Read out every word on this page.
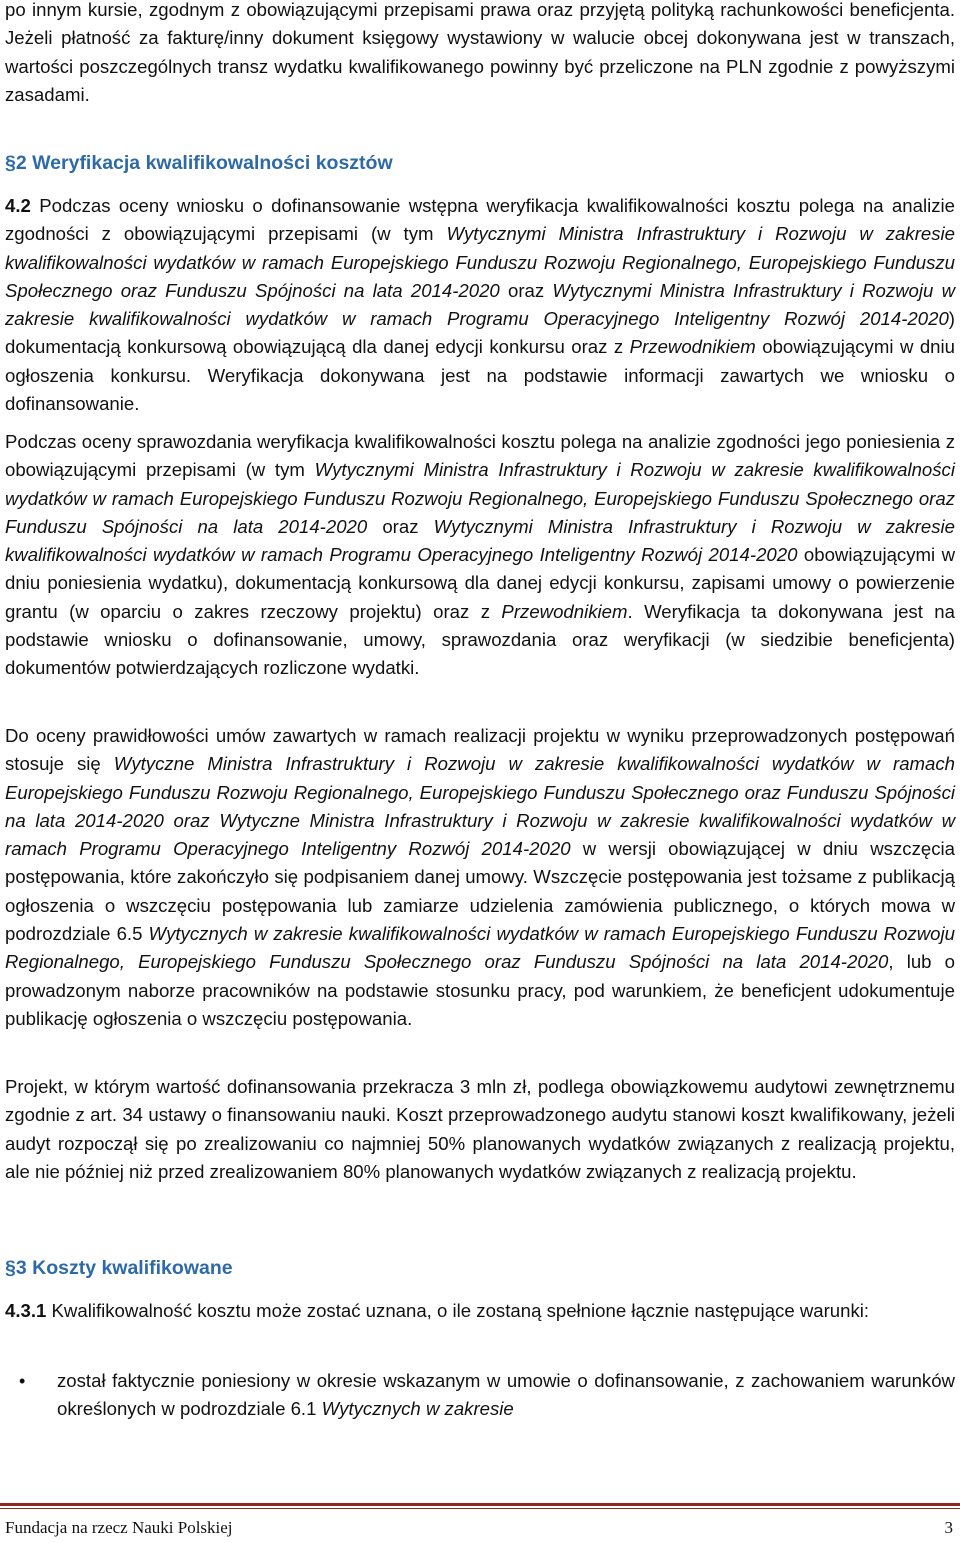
po innym kursie, zgodnym z obowiązującymi przepisami prawa oraz przyjętą polityką rachunkowości beneficjenta. Jeżeli płatność za fakturę/inny dokument księgowy wystawiony w walucie obcej dokonywana jest w transzach, wartości poszczególnych transz wydatku kwalifikowanego powinny być przeliczone na PLN zgodnie z powyższymi zasadami.

§2 Weryfikacja kwalifikowalności kosztów

4.2 Podczas oceny wniosku o dofinansowanie wstępna weryfikacja kwalifikowalności kosztu polega na analizie zgodności z obowiązującymi przepisami (w tym Wytycznymi Ministra Infrastruktury i Rozwoju w zakresie kwalifikowalności wydatków w ramach Europejskiego Funduszu Rozwoju Regionalnego, Europejskiego Funduszu Społecznego oraz Funduszu Spójności na lata 2014-2020 oraz Wytycznymi Ministra Infrastruktury i Rozwoju w zakresie kwalifikowalności wydatków w ramach Programu Operacyjnego Inteligentny Rozwój 2014-2020) dokumentacją konkursową obowiązującą dla danej edycji konkursu oraz z Przewodnikiem obowiązującymi w dniu ogłoszenia konkursu. Weryfikacja dokonywana jest na podstawie informacji zawartych we wniosku o dofinansowanie.

Podczas oceny sprawozdania weryfikacja kwalifikowalności kosztu polega na analizie zgodności jego poniesienia z obowiązującymi przepisami (w tym Wytycznymi Ministra Infrastruktury i Rozwoju w zakresie kwalifikowalności wydatków w ramach Europejskiego Funduszu Rozwoju Regionalnego, Europejskiego Funduszu Społecznego oraz Funduszu Spójności na lata 2014-2020 oraz Wytycznymi Ministra Infrastruktury i Rozwoju w zakresie kwalifikowalności wydatków w ramach Programu Operacyjnego Inteligentny Rozwój 2014-2020 obowiązującymi w dniu poniesienia wydatku), dokumentacją konkursową dla danej edycji konkursu, zapisami umowy o powierzenie grantu (w oparciu o zakres rzeczowy projektu) oraz z Przewodnikiem. Weryfikacja ta dokonywana jest na podstawie wniosku o dofinansowanie, umowy, sprawozdania oraz weryfikacji (w siedzibie beneficjenta) dokumentów potwierdzających rozliczone wydatki.

Do oceny prawidłowości umów zawartych w ramach realizacji projektu w wyniku przeprowadzonych postępowań stosuje się Wytyczne Ministra Infrastruktury i Rozwoju w zakresie kwalifikowalności wydatków w ramach Europejskiego Funduszu Rozwoju Regionalnego, Europejskiego Funduszu Społecznego oraz Funduszu Spójności na lata 2014-2020 oraz Wytyczne Ministra Infrastruktury i Rozwoju w zakresie kwalifikowalności wydatków w ramach Programu Operacyjnego Inteligentny Rozwój 2014-2020 w wersji obowiązującej w dniu wszczęcia postępowania, które zakończyło się podpisaniem danej umowy. Wszczęcie postępowania jest tożsame z publikacją ogłoszenia o wszczęciu postępowania lub zamiarze udzielenia zamówienia publicznego, o których mowa w podrozdziale 6.5 Wytycznych w zakresie kwalifikowalności wydatków w ramach Europejskiego Funduszu Rozwoju Regionalnego, Europejskiego Funduszu Społecznego oraz Funduszu Spójności na lata 2014-2020, lub o prowadzonym naborze pracowników na podstawie stosunku pracy, pod warunkiem, że beneficjent udokumentuje publikację ogłoszenia o wszczęciu postępowania.

Projekt, w którym wartość dofinansowania przekracza 3 mln zł, podlega obowiązkowemu audytowi zewnętrznemu zgodnie z art. 34 ustawy o finansowaniu nauki. Koszt przeprowadzonego audytu stanowi koszt kwalifikowany, jeżeli audyt rozpoczął się po zrealizowaniu co najmniej 50% planowanych wydatków związanych z realizacją projektu, ale nie później niż przed zrealizowaniem 80% planowanych wydatków związanych z realizacją projektu.

§3 Koszty kwalifikowane

4.3.1 Kwalifikowalność kosztu może zostać uznana, o ile zostaną spełnione łącznie następujące warunki:

•	został faktycznie poniesiony w okresie wskazanym w umowie o dofinansowanie, z zachowaniem warunków określonych w podrozdziale 6.1 Wytycznych w zakresie

Fundacja na rzecz Nauki Polskiej	3
